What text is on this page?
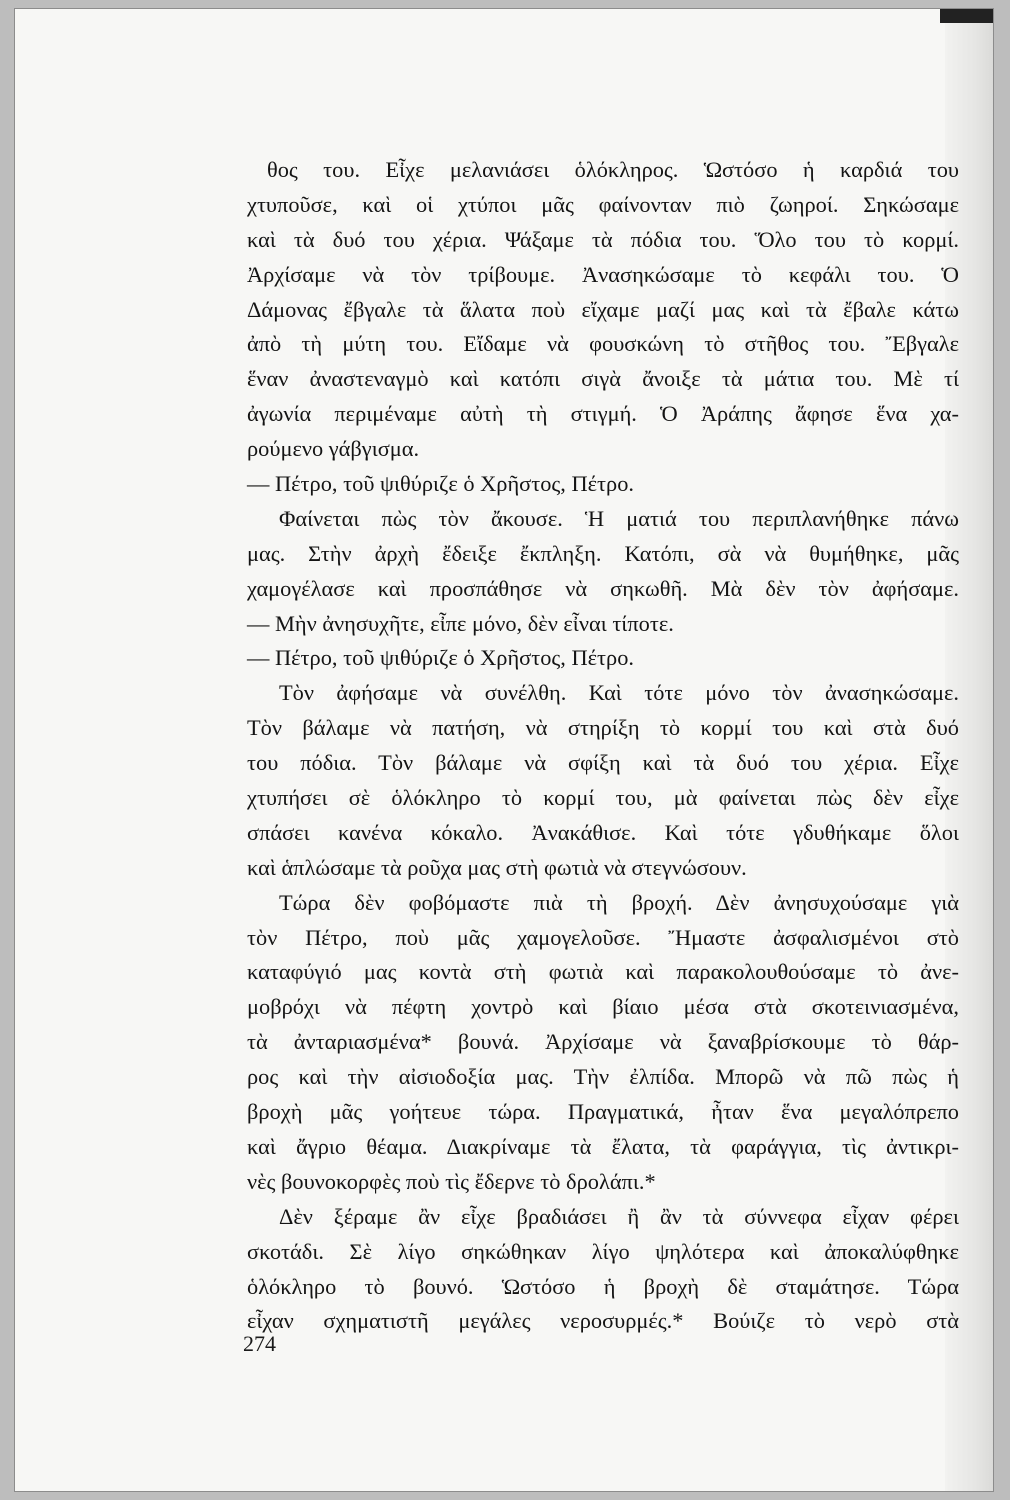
θος του. Εἶχε μελανιάσει ὁλόκληρος. Ὡστόσο ἡ καρδιά του
χτυποῦσε, καὶ οἱ χτύποι μᾶς φαίνονταν πιὸ ζωηροί. Σηκώσαμε
καὶ τὰ δυό του χέρια. Ψάξαμε τὰ πόδια του. Ὅλο του τὸ κορμί.
Ἀρχίσαμε νὰ τὸν τρίβουμε. Ἀνασηκώσαμε τὸ κεφάλι του. Ὁ
Δάμονας ἔβγαλε τὰ ἅλατα ποὺ εἴχαμε μαζί μας καὶ τὰ ἔβαλε κάτω
ἀπὸ τὴ μύτη του. Εἴδαμε νὰ φουσκώνη τὸ στῆθος του. Ἔβγαλε
ἕναν ἀναστεναγμὸ καὶ κατόπι σιγὰ ἄνοιξε τὰ μάτια του. Μὲ τί
ἀγωνία περιμέναμε αὐτὴ τὴ στιγμή. Ὁ Ἀράπης ἄφησε ἕνα χα-
ρούμενο γάβγισμα.
— Πέτρο, τοῦ ψιθύριζε ὁ Χρῆστος, Πέτρο.
Φαίνεται πὼς τὸν ἄκουσε. Ἡ ματιά του περιπλανήθηκε πάνω
μας. Στὴν ἀρχὴ ἔδειξε ἔκπληξη. Κατόπι, σὰ νὰ θυμήθηκε, μᾶς
χαμογέλασε καὶ προσπάθησε νὰ σηκωθῆ. Μὰ δὲν τὸν ἀφήσαμε.
— Μὴν ἀνησυχῆτε, εἶπε μόνο, δὲν εἶναι τίποτε.
— Πέτρο, τοῦ ψιθύριζε ὁ Χρῆστος, Πέτρο.
Τὸν ἀφήσαμε νὰ συνέλθη. Καὶ τότε μόνο τὸν ἀνασηκώσαμε.
Τὸν βάλαμε νὰ πατήση, νὰ στηρίξη τὸ κορμί του καὶ στὰ δυό
του πόδια. Τὸν βάλαμε νὰ σφίξη καὶ τὰ δυό του χέρια. Εἶχε
χτυπήσει σὲ ὁλόκληρο τὸ κορμί του, μὰ φαίνεται πὼς δὲν εἶχε
σπάσει κανένα κόκαλο. Ἀνακάθισε. Καὶ τότε γδυθήκαμε ὅλοι
καὶ ἁπλώσαμε τὰ ροῦχα μας στὴ φωτιὰ νὰ στεγνώσουν.
Τώρα δὲν φοβόμαστε πιὰ τὴ βροχή. Δὲν ἀνησυχούσαμε γιὰ
τὸν Πέτρο, ποὺ μᾶς χαμογελοῦσε. Ἤμαστε ἀσφαλισμένοι στὸ
καταφύγιό μας κοντὰ στὴ φωτιὰ καὶ παρακολουθούσαμε τὸ ἀνε-
μοβρόχι νὰ πέφτη χοντρὸ καὶ βίαιο μέσα στὰ σκοτεινιασμένα,
τὰ ἀνταριασμένα* βουνά. Ἀρχίσαμε νὰ ξαναβρίσκουμε τὸ θάρ-
ρος καὶ τὴν αἰσιοδοξία μας. Τὴν ἐλπίδα. Μπορῶ νὰ πῶ πὼς ἡ
βροχὴ μᾶς γοήτευε τώρα. Πραγματικά, ἦταν ἕνα μεγαλόπρεπο
καὶ ἄγριο θέαμα. Διακρίναμε τὰ ἔλατα, τὰ φαράγγια, τὶς ἀντικρι-
νὲς βουνοκορφὲς ποὺ τὶς ἔδερνε τὸ δρολάπι.*
Δὲν ξέραμε ἂν εἶχε βραδιάσει ἢ ἂν τὰ σύννεφα εἶχαν φέρει
σκοτάδι. Σὲ λίγο σηκώθηκαν λίγο ψηλότερα καὶ ἀποκαλύφθηκε
ὁλόκληρο τὸ βουνό. Ὡστόσο ἡ βροχὴ δὲ σταμάτησε. Τώρα
εἶχαν σχηματιστῆ μεγάλες νεροσυρμές.* Βούιζε τὸ νερὸ στὰ
274
